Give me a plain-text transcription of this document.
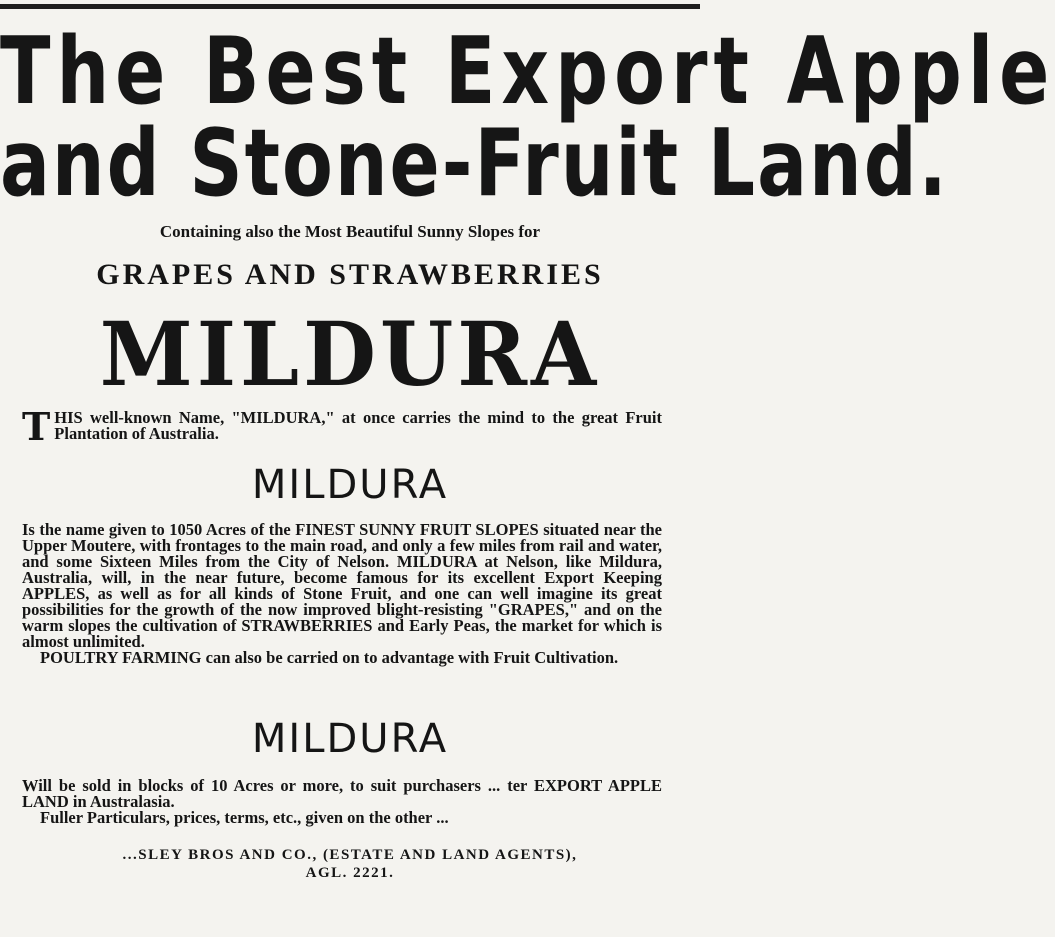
The Best Export Apple
and Stone-Fruit Land.
Containing also the Most Beautiful Sunny Slopes for
GRAPES AND STRAWBERRIES
MILDURA
T HIS well-known Name, "MILDURA," at once carries the mind to the great Fruit Plantation of Australia.
MILDURA

Is the name given to 1050 Acres of the FINEST SUNNY FRUIT SLOPES situated near the Upper Moutere, with frontages to the main road, and only a few miles from rail and water, and some Sixteen Miles from the City of Nelson. MILDURA at Nelson, like Mildura, Australia, will, in the near future, become famous for its excellent Export Keeping APPLES, as well as for all kinds of Stone Fruit, and one can well imagine its great possibilities for the growth of the now improved blight-resisting "GRAPES," and on the warm slopes the cultivation of STRAWBERRIES and Early Peas, the market for which is almost unlimited.

POULTRY FARMING can also be carried on to advantage with Fruit Cultivation.

MILDURA

Will be sold in blocks of 10 Acres or more, to suit purchasers ... ter EXPORT APPLE LAND in Australasia.

Fuller Particulars, prices, terms, etc., given on the other ...

...SLEY BROS AND CO., (ESTATE AND LAND AGENTS),
AGL. 2221.
